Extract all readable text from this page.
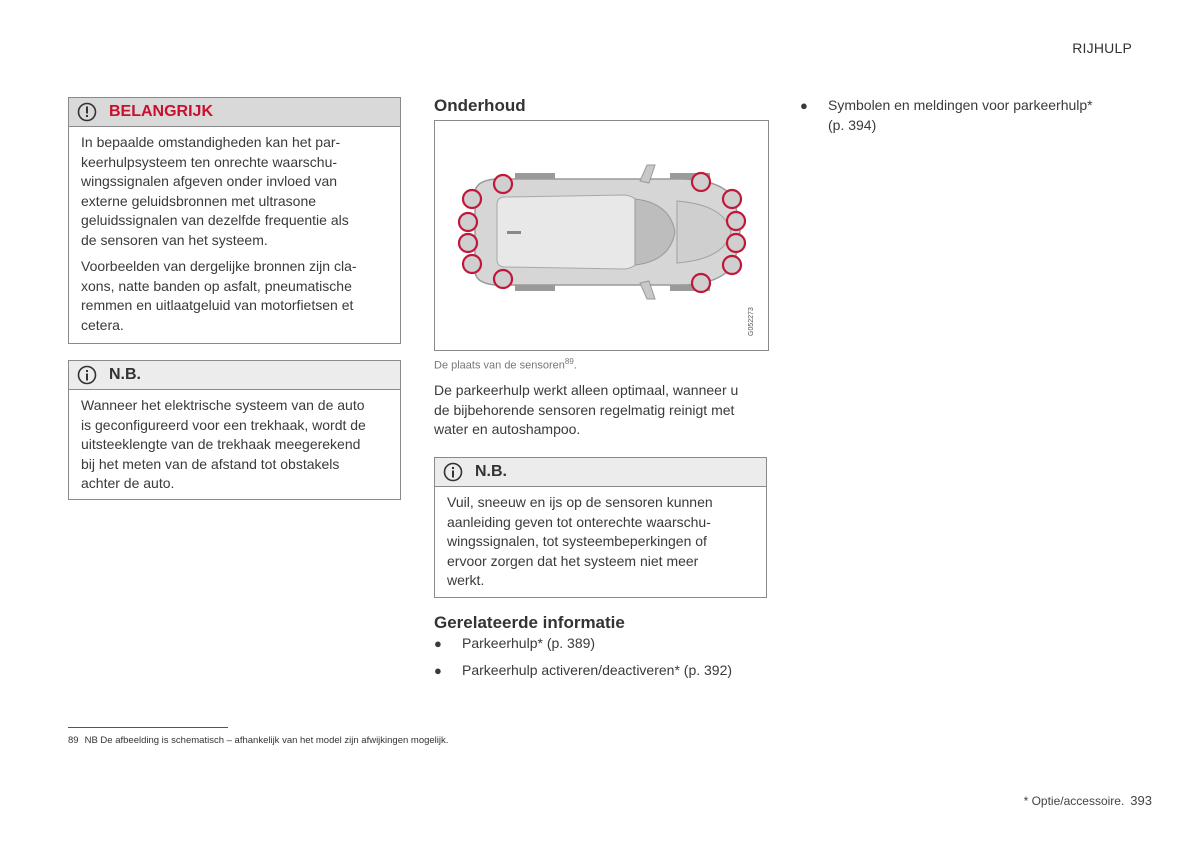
RIJHULP
BELANGRIJK

In bepaalde omstandigheden kan het par-
keerhulpsysteem ten onrechte waarschu-
wingssignalen afgeven onder invloed van
externe geluidsbronnen met ultrasone
geluidssignalen van dezelfde frequentie als
de sensoren van het systeem.

Voorbeelden van dergelijke bronnen zijn cla-
xons, natte banden op asfalt, pneumatische
remmen en uitlaatgeluid van motorfietsen et
cetera.

N.B.

Wanneer het elektrische systeem van de auto
is geconfigureerd voor een trekhaak, wordt de
uitsteeklengte van de trekhaak meegerekend
bij het meten van de afstand tot obstakels
achter de auto.

Onderhoud
G052273
De plaats van de sensoren$^{89}$.
De parkeerhulp werkt alleen optimaal, wanneer u
de bijbehorende sensoren regelmatig reinigt met
water en autoshampoo.
N.B.

Vuil, sneeuw en ijs op de sensoren kunnen
aanleiding geven tot onterechte waarschu-
wingssignalen, tot systeembeperkingen of
ervoor zorgen dat het systeem niet meer
werkt.

Gerelateerde informatie
●	Parkeerhulp* (p. 389)
●	Parkeerhulp activeren/deactiveren* (p. 392)
●	Symbolen en meldingen voor parkeerhulp*
(p. 394)
89 NB De afbeelding is schematisch – afhankelijk van het model zijn afwijkingen mogelijk.
* Optie/accessoire. 393
